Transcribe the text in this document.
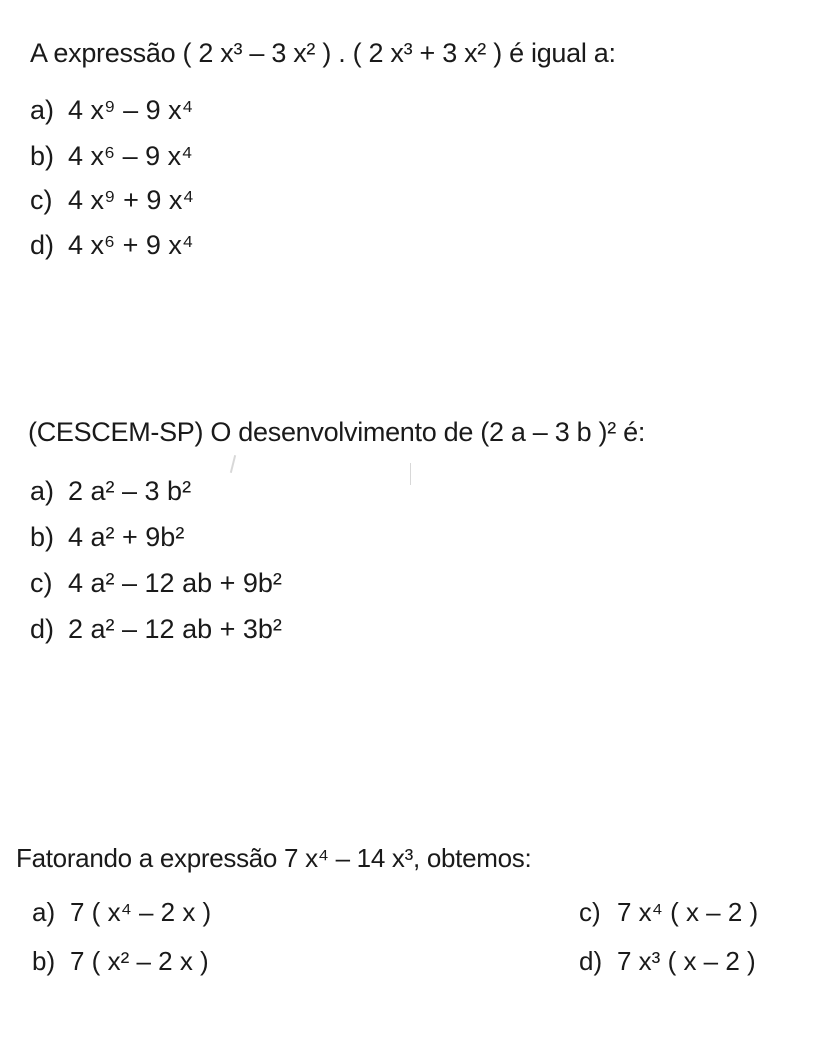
A expressão ( 2 x³ – 3 x² ) . ( 2 x³ + 3 x² ) é igual a:
a) 4 x⁹ – 9 x⁴
b) 4 x⁶ – 9 x⁴
c) 4 x⁹ + 9 x⁴
d) 4 x⁶ + 9 x⁴
(CESCEM-SP) O desenvolvimento de (2 a – 3 b )² é:
a) 2 a² – 3 b²
b) 4 a² + 9b²
c) 4 a² – 12 ab + 9b²
d) 2 a² – 12 ab + 3b²
Fatorando a expressão 7 x⁴ – 14 x³, obtemos:
a) 7 ( x⁴ – 2 x )
b) 7 ( x² – 2 x )
c) 7 x⁴ ( x – 2 )
d) 7 x³ ( x – 2 )
